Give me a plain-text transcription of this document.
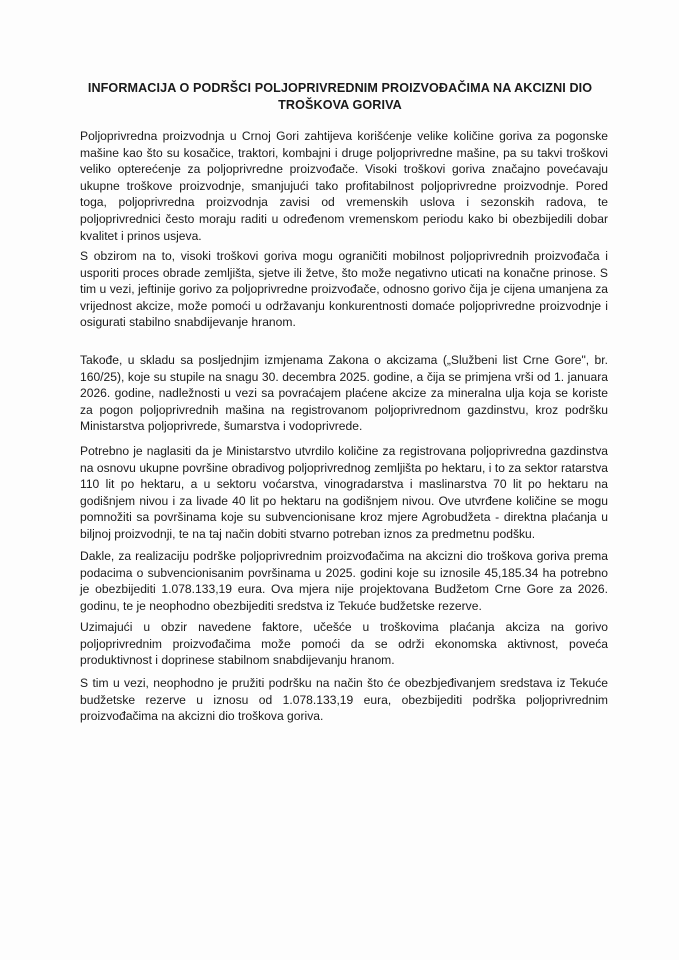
INFORMACIJA O PODRŠCI POLJOPRIVREDNIM PROIZVOĐAČIMA NA AKCIZNI DIO TROŠKOVA GORIVA

Poljoprivredna proizvodnja u Crnoj Gori zahtijeva korišćenje velike količine goriva za pogonske mašine kao što su kosačice, traktori, kombajni i druge poljoprivredne mašine, pa su takvi troškovi veliko opterećenje za poljoprivredne proizvođače. Visoki troškovi goriva značajno povećavaju ukupne troškove proizvodnje, smanjujući tako profitabilnost poljoprivredne proizvodnje. Pored toga, poljoprivredna proizvodnja zavisi od vremenskih uslova i sezonskih radova, te poljoprivrednici često moraju raditi u određenom vremenskom periodu kako bi obezbijedili dobar kvalitet i prinos usjeva.

S obzirom na to, visoki troškovi goriva mogu ograničiti mobilnost poljoprivrednih proizvođača i usporiti proces obrade zemljišta, sjetve ili žetve, što može negativno uticati na konačne prinose. S tim u vezi, jeftinije gorivo za poljoprivredne proizvođače, odnosno gorivo čija je cijena umanjena za vrijednost akcize, može pomoći u održavanju konkurentnosti domaće poljoprivredne proizvodnje i osigurati stabilno snabdijevanje hranom.

Takođe, u skladu sa posljednjim izmjenama Zakona o akcizama („Službeni list Crne Gore", br. 160/25), koje su stupile na snagu 30. decembra 2025. godine, a čija se primjena vrši od 1. januara 2026. godine, nadležnosti u vezi sa povraćajem plaćene akcize za mineralna ulja koja se koriste za pogon poljoprivrednih mašina na registrovanom poljoprivrednom gazdinstvu, kroz podršku Ministarstva poljoprivrede, šumarstva i vodoprivrede.

Potrebno je naglasiti da je Ministarstvo utvrdilo količine za registrovana poljoprivredna gazdinstva na osnovu ukupne površine obradivog poljoprivrednog zemljišta po hektaru, i to za sektor ratarstva 110 lit po hektaru, a u sektoru voćarstva, vinogradarstva i maslinarstva 70 lit po hektaru na godišnjem nivou i za livade 40 lit po hektaru na godišnjem nivou. Ove utvrđene količine se mogu pomnožiti sa površinama koje su subvencionisane kroz mjere Agrobudžeta - direktna plaćanja u biljnoj proizvodnji, te na taj način dobiti stvarno potreban iznos za predmetnu podšku.

Dakle, za realizaciju podrške poljoprivrednim proizvođačima na akcizni dio troškova goriva prema podacima o subvencionisanim površinama u 2025. godini koje su iznosile 45,185.34 ha potrebno je obezbijediti 1.078.133,19 eura. Ova mjera nije projektovana Budžetom Crne Gore za 2026. godinu, te je neophodno obezbijediti sredstva iz Tekuće budžetske rezerve.

Uzimajući u obzir navedene faktore, učešće u troškovima plaćanja akciza na gorivo poljoprivrednim proizvođačima može pomoći da se održi ekonomska aktivnost, poveća produktivnost i doprinese stabilnom snabdijevanju hranom.

S tim u vezi, neophodno je pružiti podršku na način što će obezbjeđivanjem sredstava iz Tekuće budžetske rezerve u iznosu od 1.078.133,19 eura, obezbijediti podrška poljoprivrednim proizvođačima na akcizni dio troškova goriva.
